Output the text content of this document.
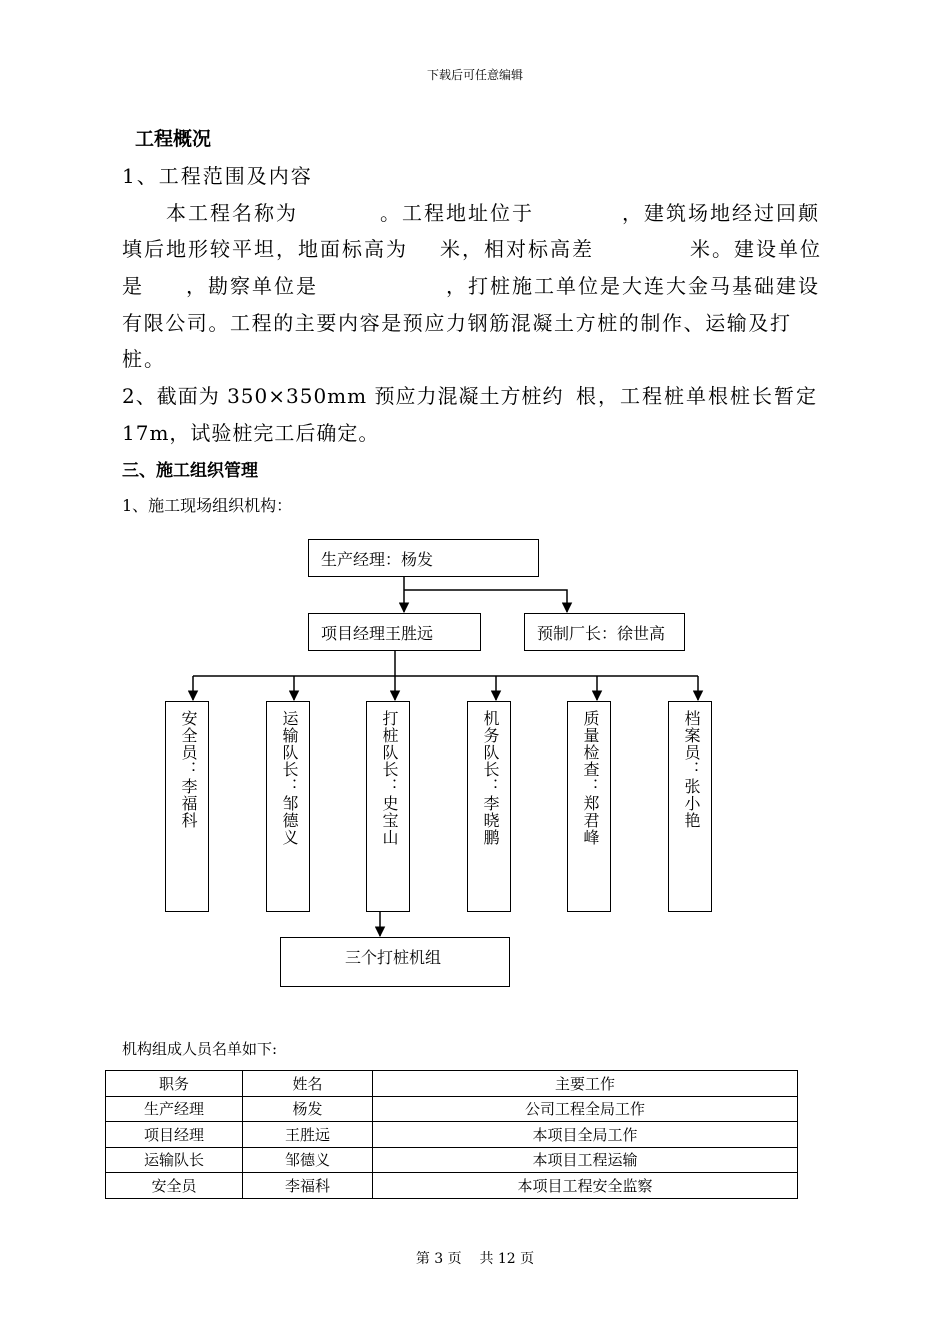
下载后可任意编辑
工程概况
1、工程范围及内容
本工程名称为	。工程地址位于	，建筑场地经过回颠
填后地形较平坦，地面标高为 米，相对标高差	米。建设单位
是 ，勘察单位是	，打桩施工单位是大连大金马基础建设
有限公司。工程的主要内容是预应力钢筋混凝土方桩的制作、运输及打
桩。
2、截面为 350×350mm 预应力混凝土方桩约 根，工程桩单根桩长暂定
17m，试验桩完工后确定。
三、施工组织管理
1、施工现场组织机构：
生产经理：杨发
项目经理王胜远	预制厂长：徐世高
安全员：李福科	运输队长：邹德义	打桩队长：史宝山	机务队长：李晓鹏	质量检查：郑君峰	档案员：张小艳
三个打桩机组
机构组成人员名单如下:
职务	姓名	主要工作
生产经理	杨发	公司工程全局工作
项目经理	王胜远	本项目全局工作
运输队长	邹德义	本项目工程运输
安全员	李福科	本项目工程安全监察
第 3 页 共 12 页
